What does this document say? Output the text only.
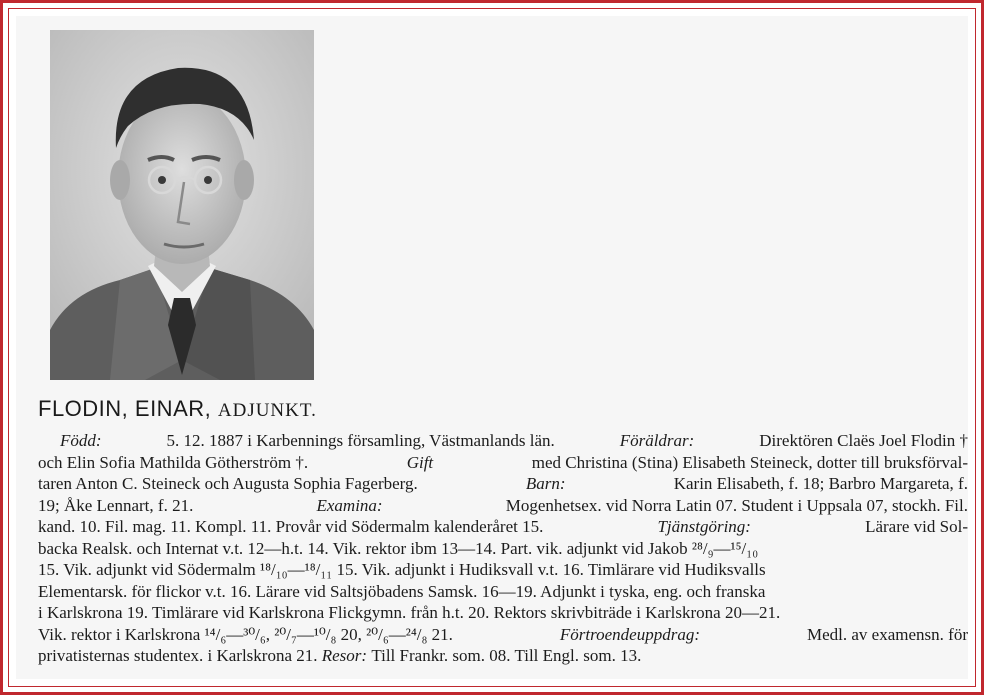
FLODIN, EINAR, ADJUNKT.
Född:	5. 12. 1887 i Karbennings församling, Västmanlands län.	Föräldrar:	Direktören Claës Joel Flodin †
och Elin Sofia Mathilda Götherström †.	Gift	med Christina (Stina) Elisabeth Steineck, dotter till bruksförval-
taren Anton C. Steineck och Augusta Sophia Fagerberg.	Barn:	Karin Elisabeth, f. 18; Barbro Margareta, f.
19; Åke Lennart, f. 21.	Examina:	Mogenhetsex. vid Norra Latin 07. Student i Uppsala 07, stockh. Fil.
kand. 10. Fil. mag. 11. Kompl. 11. Provår vid Södermalm kalenderåret 15.	Tjänstgöring:	Lärare vid Sol-
backa Realsk. och Internat v.t. 12—h.t. 14. Vik. rektor ibm 13—14. Part. vik. adjunkt vid Jakob ²⁸/₉—¹⁵/₁₀
15. Vik. adjunkt vid Södermalm ¹⁸/₁₀—¹⁸/₁₁ 15. Vik. adjunkt i Hudiksvall v.t. 16. Timlärare vid Hudiksvalls
Elementarsk. för flickor v.t. 16. Lärare vid Saltsjöbadens Samsk. 16—19. Adjunkt i tyska, eng. och franska
i Karlskrona 19. Timlärare vid Karlskrona Flickgymn. från h.t. 20. Rektors skrivbiträde i Karlskrona 20—21.
Vik. rektor i Karlskrona ¹⁴/₆—³⁰/₆, ²⁰/₇—¹⁰/₈ 20, ²⁰/₆—²⁴/₈ 21.	Förtroendeuppdrag:	Medl. av examensn. för
privatisternas studentex. i Karlskrona 21.
Resor:
Till Frankr. som. 08. Till Engl. som. 13.
